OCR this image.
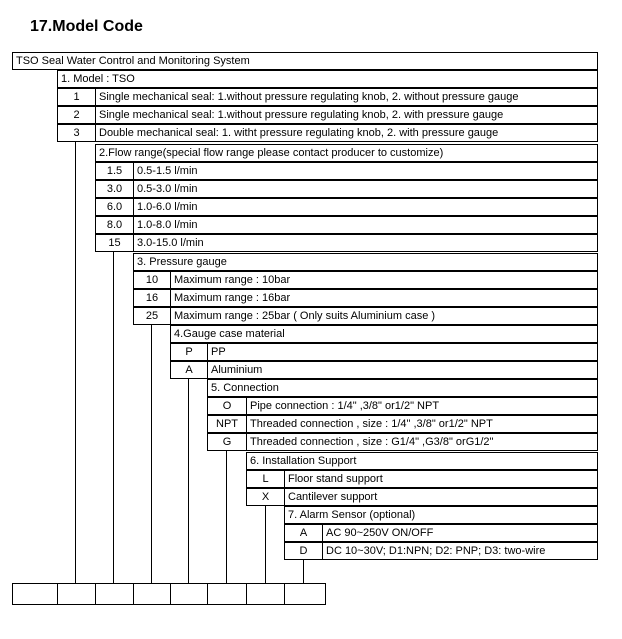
17.Model Code
TSO Seal Water Control and Monitoring System
1. Model : TSO
1	Single mechanical seal: 1.without pressure regulating knob, 2. without pressure gauge
2	Single mechanical seal: 1.without pressure regulating knob, 2. with pressure gauge
3	Double mechanical seal: 1. witht pressure regulating knob, 2. with pressure gauge
2.Flow range(special flow range please contact producer to customize)
1.5	0.5-1.5 l/min
3.0	0.5-3.0 l/min
6.0	1.0-6.0 l/min
8.0	1.0-8.0 l/min
15	3.0-15.0 l/min
3. Pressure gauge
10	Maximum range : 10bar
16	Maximum range : 16bar
25	Maximum range : 25bar ( Only suits Aluminium case )
4.Gauge case material
P	PP
A	Aluminium
5. Connection
O	Pipe connection : 1/4" ,3/8" or1/2" NPT
NPT	Threaded connection , size : 1/4" ,3/8" or1/2" NPT
G	Threaded connection , size : G1/4" ,G3/8" orG1/2"
6. Installation Support
L	Floor stand support
X	Cantilever support
7. Alarm Sensor (optional)
A	AC 90~250V ON/OFF
D	DC 10~30V; D1:NPN; D2: PNP; D3: two-wire
